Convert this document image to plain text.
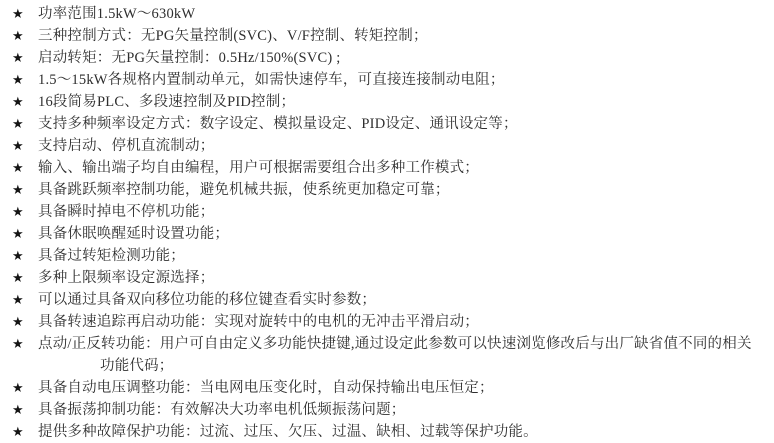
★ 功率范围1.5kW～630kW
★ 三种控制方式：无PG矢量控制(SVC)、V/F控制、转矩控制；
★ 启动转矩：无PG矢量控制：0.5Hz/150%(SVC) ;
★ 1.5～15kW各规格内置制动单元，如需快速停车，可直接连接制动电阻；
★ 16段简易PLC、多段速控制及PID控制；
★ 支持多种频率设定方式：数字设定、模拟量设定、PID设定、通讯设定等；
★ 支持启动、停机直流制动；
★ 输入、输出端子均自由编程，用户可根据需要组合出多种工作模式；
★ 具备跳跃频率控制功能，避免机械共振，使系统更加稳定可靠；
★ 具备瞬时掉电不停机功能；
★ 具备休眠唤醒延时设置功能；
★ 具备过转矩检测功能；
★ 多种上限频率设定源选择；
★ 可以通过具备双向移位功能的移位键查看实时参数；
★ 具备转速追踪再启动功能：实现对旋转中的电机的无冲击平滑启动；
★ 点动/正反转功能：用户可自由定义多功能快捷键,通过设定此参数可以快速浏览修改后与出厂缺省值不同的相关
功能代码；
★ 具备自动电压调整功能：当电网电压变化时，自动保持输出电压恒定；
★ 具备振荡抑制功能：有效解决大功率电机低频振荡问题；
★ 提供多种故障保护功能：过流、过压、欠压、过温、缺相、过载等保护功能。
